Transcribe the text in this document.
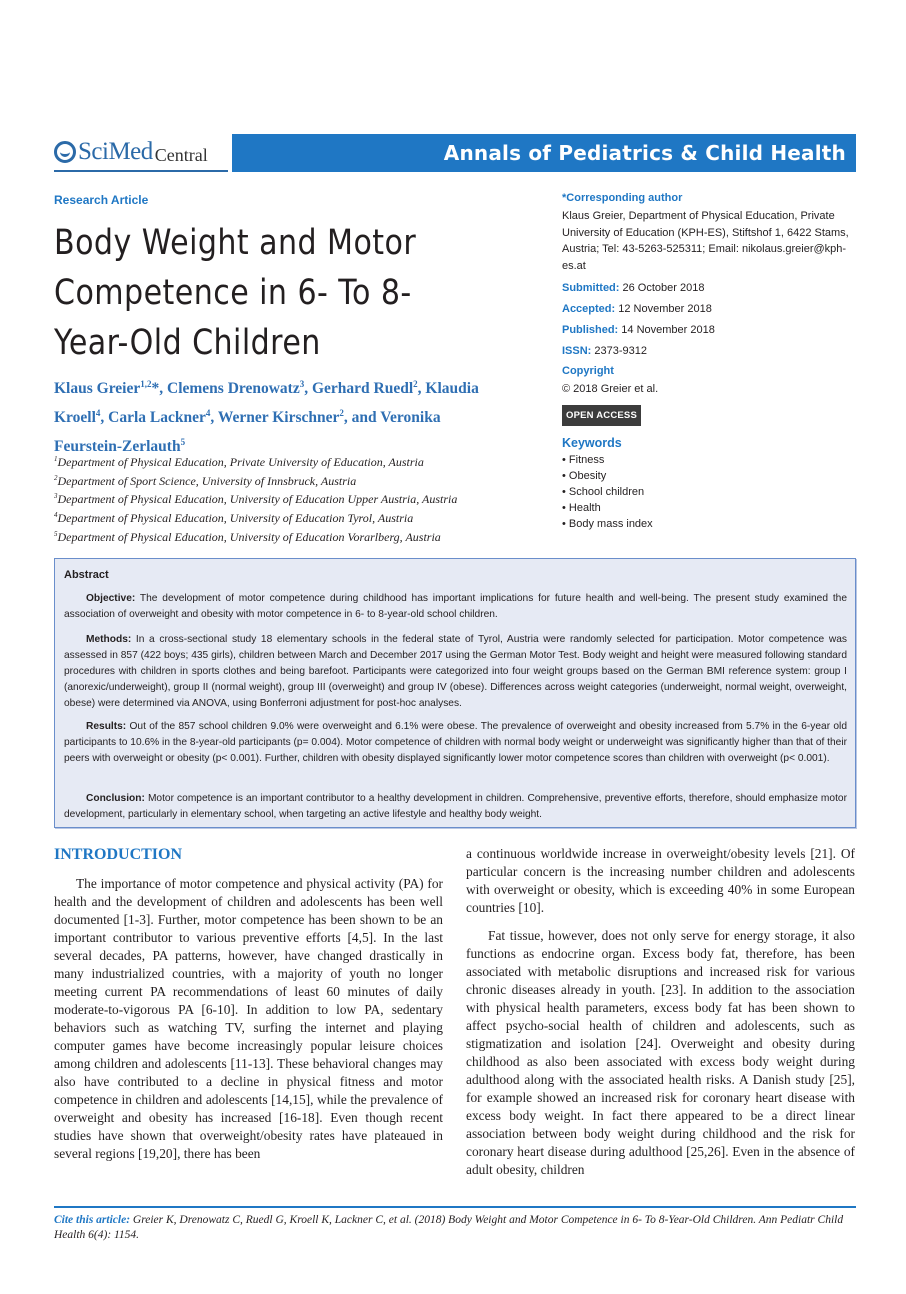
Sci Med Central	Annals of Pediatrics & Child Health
Research Article
Body Weight and Motor Competence in 6- To 8-Year-Old Children
Klaus Greier$^{1,2}$*, Clemens Drenowatz$^3$, Gerhard Ruedl$^2$, Klaudia Kroell$^4$, Carla Lackner$^4$, Werner Kirschner$^2$, and Veronika Feurstein-Zerlauth$^5$
$^1$Department of Physical Education, Private University of Education, Austria
$^2$Department of Sport Science, University of Innsbruck, Austria
$^3$Department of Physical Education, University of Education Upper Austria, Austria
$^4$Department of Physical Education, University of Education Tyrol, Austria
$^5$Department of Physical Education, University of Education Vorarlberg, Austria
*Corresponding author
Klaus Greier, Department of Physical Education, Private University of Education (KPH-ES), Stiftshof 1, 6422 Stams, Austria; Tel: 43-5263-525311; Email: nikolaus.greier@kph-es.at
Submitted: 26 October 2018
Accepted: 12 November 2018
Published: 14 November 2018
ISSN: 2373-9312
Copyright
© 2018 Greier et al.
OPEN ACCESS
Keywords
• Fitness
• Obesity
• School children
• Health
• Body mass index
Abstract
Objective: The development of motor competence during childhood has important implications for future health and well-being. The present study examined the association of overweight and obesity with motor competence in 6- to 8-year-old school children.
Methods: In a cross-sectional study 18 elementary schools in the federal state of Tyrol, Austria were randomly selected for participation. Motor competence was assessed in 857 (422 boys; 435 girls), children between March and December 2017 using the German Motor Test. Body weight and height were measured following standard procedures with children in sports clothes and being barefoot. Participants were categorized into four weight groups based on the German BMI reference system: group I (anorexic/underweight), group II (normal weight), group III (overweight) and group IV (obese). Differences across weight categories (underweight, normal weight, overweight, obese) were determined via ANOVA, using Bonferroni adjustment for post-hoc analyses.
Results: Out of the 857 school children 9.0% were overweight and 6.1% were obese. The prevalence of overweight and obesity increased from 5.7% in the 6-year old participants to 10.6% in the 8-year-old participants (p= 0.004). Motor competence of children with normal body weight or underweight was significantly higher than that of their peers with overweight or obesity (p< 0.001). Further, children with obesity displayed significantly lower motor competence scores than children with overweight (p< 0.001).
Conclusion: Motor competence is an important contributor to a healthy development in children. Comprehensive, preventive efforts, therefore, should emphasize motor development, particularly in elementary school, when targeting an active lifestyle and healthy body weight.
INTRODUCTION

The importance of motor competence and physical activity (PA) for health and the development of children and adolescents has been well documented [1-3]. Further, motor competence has been shown to be an important contributor to various preventive efforts [4,5]. In the last several decades, PA patterns, however, have changed drastically in many industrialized countries, with a majority of youth no longer meeting current PA recommendations of least 60 minutes of daily moderate-to-vigorous PA [6-10]. In addition to low PA, sedentary behaviors such as watching TV, surfing the internet and playing computer games have become increasingly popular leisure choices among children and adolescents [11-13]. These behavioral changes may also have contributed to a decline in physical fitness and motor competence in children and adolescents [14,15], while the prevalence of overweight and obesity has increased [16-18]. Even though recent studies have shown that overweight/obesity rates have plateaued in several regions [19,20], there has been

a continuous worldwide increase in overweight/obesity levels [21]. Of particular concern is the increasing number children and adolescents with overweight or obesity, which is exceeding 40% in some European countries [10].

Fat tissue, however, does not only serve for energy storage, it also functions as endocrine organ. Excess body fat, therefore, has been associated with metabolic disruptions and increased risk for various chronic diseases already in youth. [23]. In addition to the association with physical health parameters, excess body fat has been shown to affect psycho-social health of children and adolescents, such as stigmatization and isolation [24]. Overweight and obesity during childhood as also been associated with excess body weight during adulthood along with the associated health risks. A Danish study [25], for example showed an increased risk for coronary heart disease with excess body weight. In fact there appeared to be a direct linear association between body weight during childhood and the risk for coronary heart disease during adulthood [25,26]. Even in the absence of adult obesity, children

Cite this article: Greier K, Drenowatz C, Ruedl G, Kroell K, Lackner C, et al. (2018) Body Weight and Motor Competence in 6- To 8-Year-Old Children. Ann Pediatr Child Health 6(4): 1154.
